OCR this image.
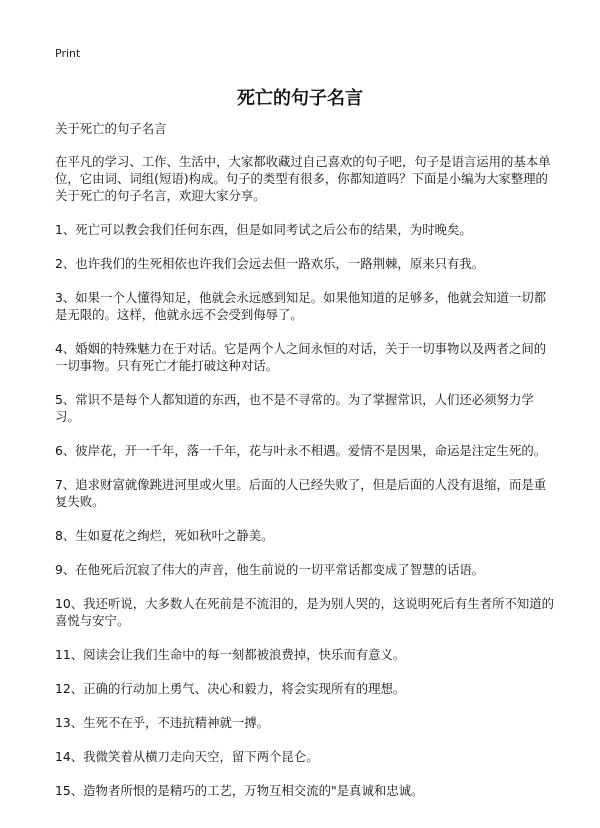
Print
死亡的句子名言

关于死亡的句子名言

在平凡的学习、工作、生活中，大家都收藏过自己喜欢的句子吧，句子是语言运用的基本单位，它由词、词组(短语)构成。句子的类型有很多，你都知道吗？下面是小编为大家整理的关于死亡的句子名言，欢迎大家分享。

1、死亡可以教会我们任何东西，但是如同考试之后公布的结果，为时晚矣。

2、也许我们的生死相依也许我们会远去但一路欢乐，一路荆棘，原来只有我。

3、如果一个人懂得知足，他就会永远感到知足。如果他知道的足够多，他就会知道一切都是无限的。这样，他就永远不会受到侮辱了。

4、婚姻的特殊魅力在于对话。它是两个人之间永恒的对话，关于一切事物以及两者之间的一切事物。只有死亡才能打破这种对话。

5、常识不是每个人都知道的东西，也不是不寻常的。为了掌握常识，人们还必须努力学习。

6、彼岸花，开一千年，落一千年，花与叶永不相遇。爱情不是因果，命运是注定生死的。

7、追求财富就像跳进河里或火里。后面的人已经失败了，但是后面的人没有退缩，而是重复失败。

8、生如夏花之绚烂，死如秋叶之静美。

9、在他死后沉寂了伟大的声音，他生前说的一切平常话都变成了智慧的话语。

10、我还听说，大多数人在死前是不流泪的，是为别人哭的，这说明死后有生者所不知道的喜悦与安宁。

11、阅读会让我们生命中的每一刻都被浪费掉，快乐而有意义。

12、正确的行动加上勇气、决心和毅力，将会实现所有的理想。

13、生死不在乎，不违抗精神就一搏。

14、我微笑着从横刀走向天空，留下两个昆仑。

15、造物者所恨的是精巧的工艺，万物互相交流的"是真诚和忠诚。
